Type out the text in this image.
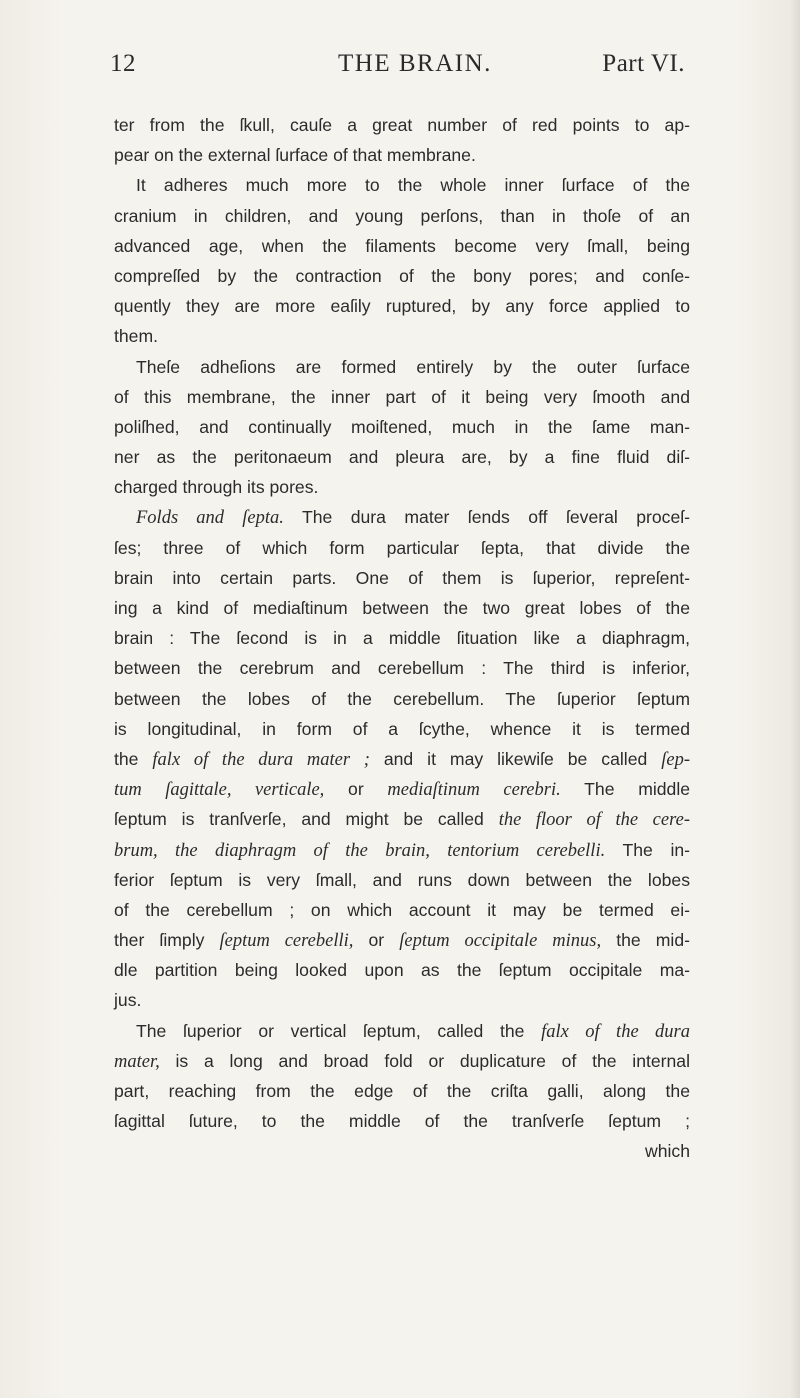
12	THE BRAIN.	Part VI.
ter from the ſkull, cauſe a great number of red points to ap-
pear on the external ſurface of that membrane.
It adheres much more to the whole inner ſurface of the
cranium in children, and young perſons, than in thoſe of an
advanced age, when the filaments become very ſmall, being
compreſſed by the contraction of the bony pores; and conſe-
quently they are more eaſily ruptured, by any force applied to
them.
Theſe adheſions are formed entirely by the outer ſurface
of this membrane, the inner part of it being very ſmooth and
poliſhed, and continually moiſtened, much in the ſame man-
ner as the peritonaeum and pleura are, by a fine fluid diſ-
charged through its pores.
Folds and ſepta. The dura mater ſends off ſeveral proceſ-
ſes; three of which form particular ſepta, that divide the
brain into certain parts. One of them is ſuperior, repreſent-
ing a kind of mediaſtinum between the two great lobes of the
brain : The ſecond is in a middle ſituation like a diaphragm,
between the cerebrum and cerebellum : The third is inferior,
between the lobes of the cerebellum. The ſuperior ſeptum
is longitudinal, in form of a ſcythe, whence it is termed
the falx of the dura mater ; and it may likewiſe be called ſep-
tum ſagittale, verticale, or mediaſtinum cerebri. The middle
ſeptum is tranſverſe, and might be called the floor of the cere-
brum, the diaphragm of the brain, tentorium cerebelli. The in-
ferior ſeptum is very ſmall, and runs down between the lobes
of the cerebellum ; on which account it may be termed ei-
ther ſimply ſeptum cerebelli, or ſeptum occipitale minus, the mid-
dle partition being looked upon as the ſeptum occipitale ma-
jus.
The ſuperior or vertical ſeptum, called the falx of the dura
mater, is a long and broad fold or duplicature of the internal
part, reaching from the edge of the criſta galli, along the
ſagittal ſuture, to the middle of the tranſverſe ſeptum ;
which
